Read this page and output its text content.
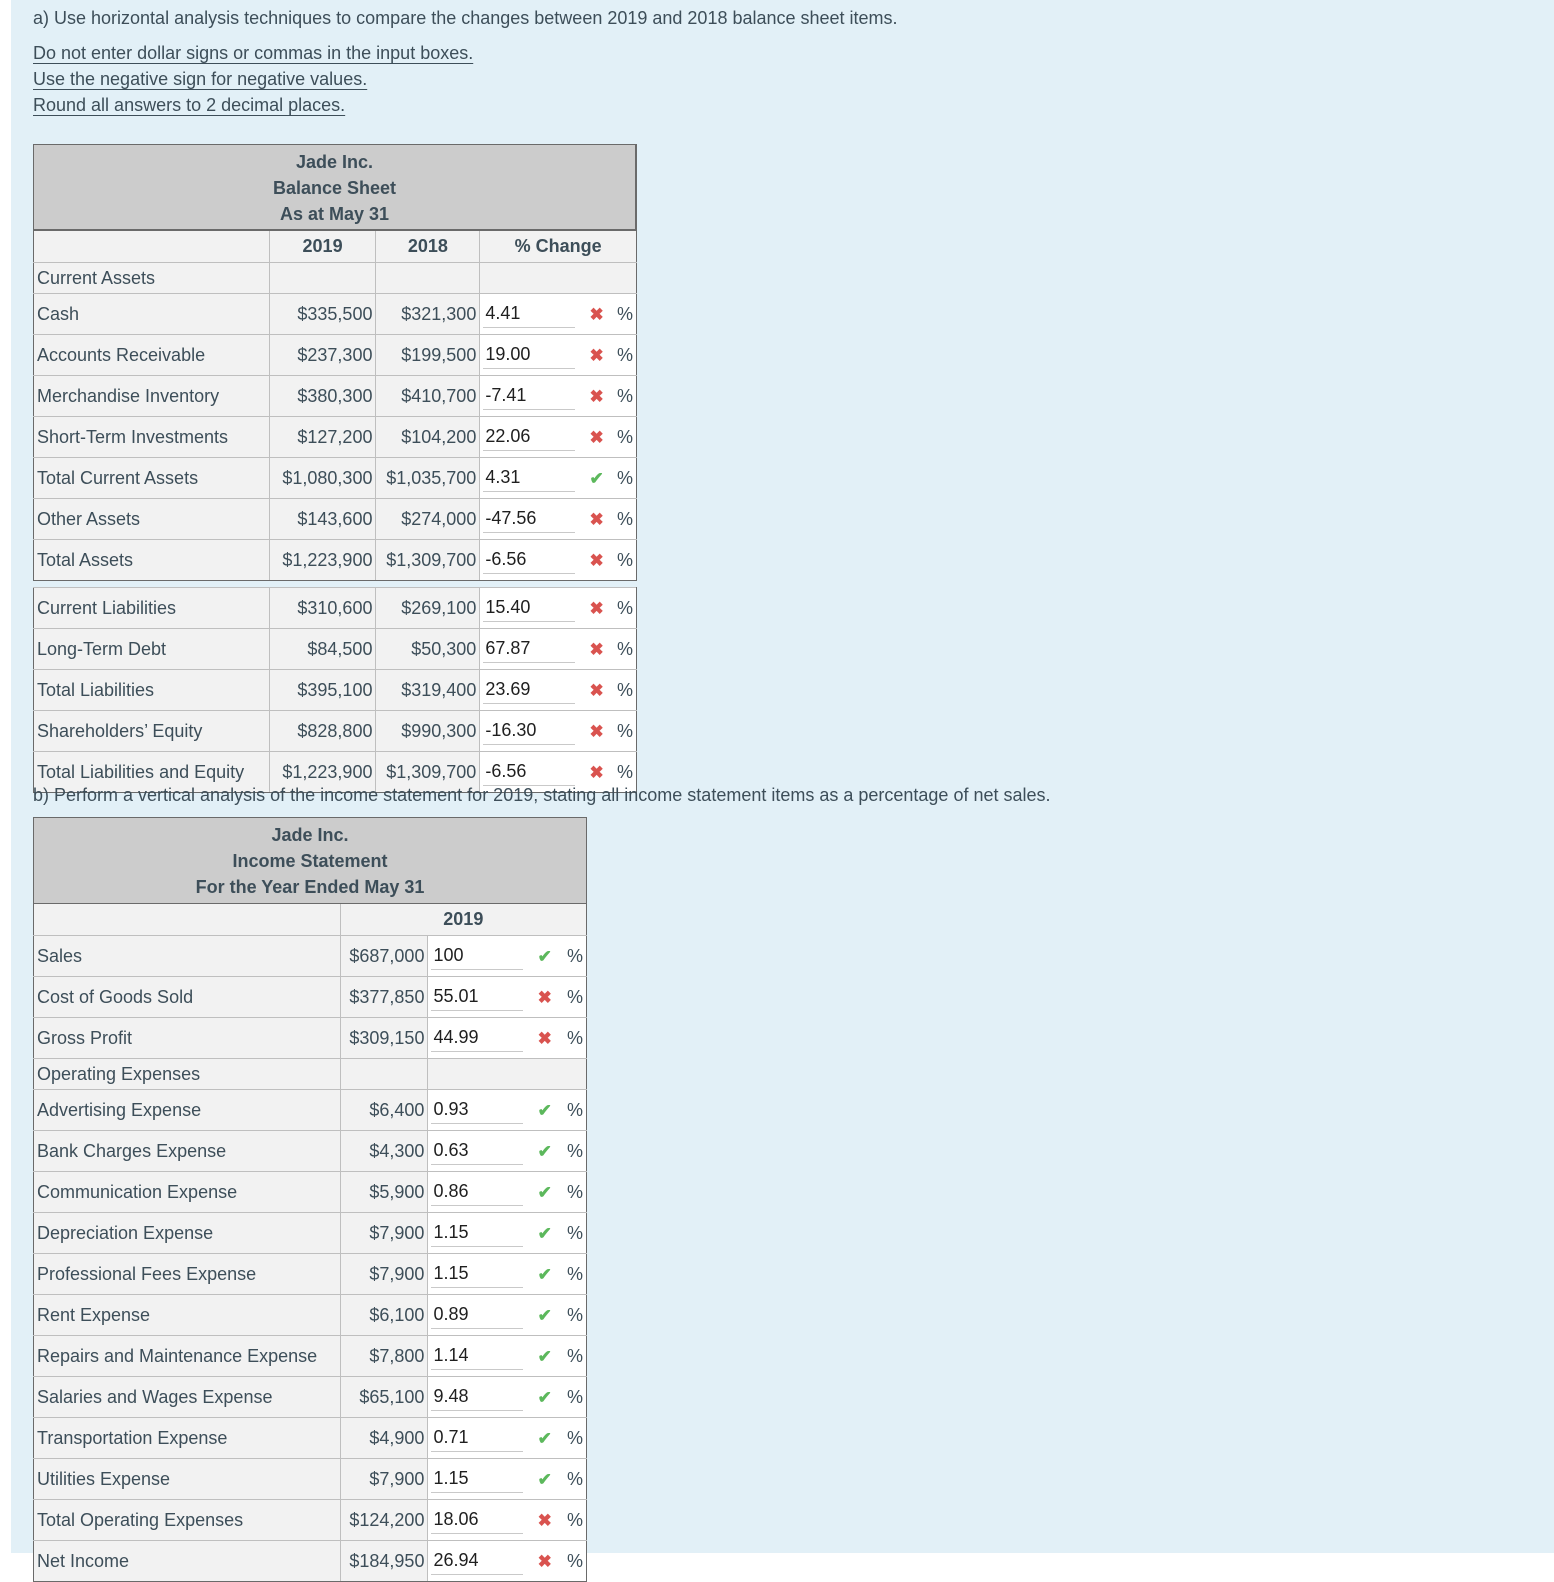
a) Use horizontal analysis techniques to compare the changes between 2019 and 2018 balance sheet items.

Do not enter dollar signs or commas in the input boxes.

Use the negative sign for negative values.

Round all answers to 2 decimal places.

Jade Inc.
Balance Sheet
As at May 31
	2019	2018	% Change		
Current Assets					
Cash	$335,500	$321,300	4.41	✖	%
Accounts Receivable	$237,300	$199,500	19.00	✖	%
Merchandise Inventory	$380,300	$410,700	-7.41	✖	%
Short-Term Investments	$127,200	$104,200	22.06	✖	%
Total Current Assets	$1,080,300	$1,035,700	4.31	✔	%
Other Assets	$143,600	$274,000	-47.56	✖	%
Total Assets	$1,223,900	$1,309,700	-6.56	✖	%

Current Liabilities	$310,600	$269,100	15.40	✖	%
Long-Term Debt	$84,500	$50,300	67.87	✖	%
Total Liabilities	$395,100	$319,400	23.69	✖	%
Shareholders’ Equity	$828,800	$990,300	-16.30	✖	%
Total Liabilities and Equity	$1,223,900	$1,309,700	-6.56	✖	%

b) Perform a vertical analysis of the income statement for 2019, stating all income statement items as a percentage of net sales.

Jade Inc.
Income Statement
For the Year Ended May 31
	2019			
Sales	$687,000	100	✔	%
Cost of Goods Sold	$377,850	55.01	✖	%
Gross Profit	$309,150	44.99	✖	%
Operating Expenses				
Advertising Expense	$6,400	0.93	✔	%
Bank Charges Expense	$4,300	0.63	✔	%
Communication Expense	$5,900	0.86	✔	%
Depreciation Expense	$7,900	1.15	✔	%
Professional Fees Expense	$7,900	1.15	✔	%
Rent Expense	$6,100	0.89	✔	%
Repairs and Maintenance Expense	$7,800	1.14	✔	%
Salaries and Wages Expense	$65,100	9.48	✔	%
Transportation Expense	$4,900	0.71	✔	%
Utilities Expense	$7,900	1.15	✔	%
Total Operating Expenses	$124,200	18.06	✖	%
Net Income	$184,950	26.94	✖	%
